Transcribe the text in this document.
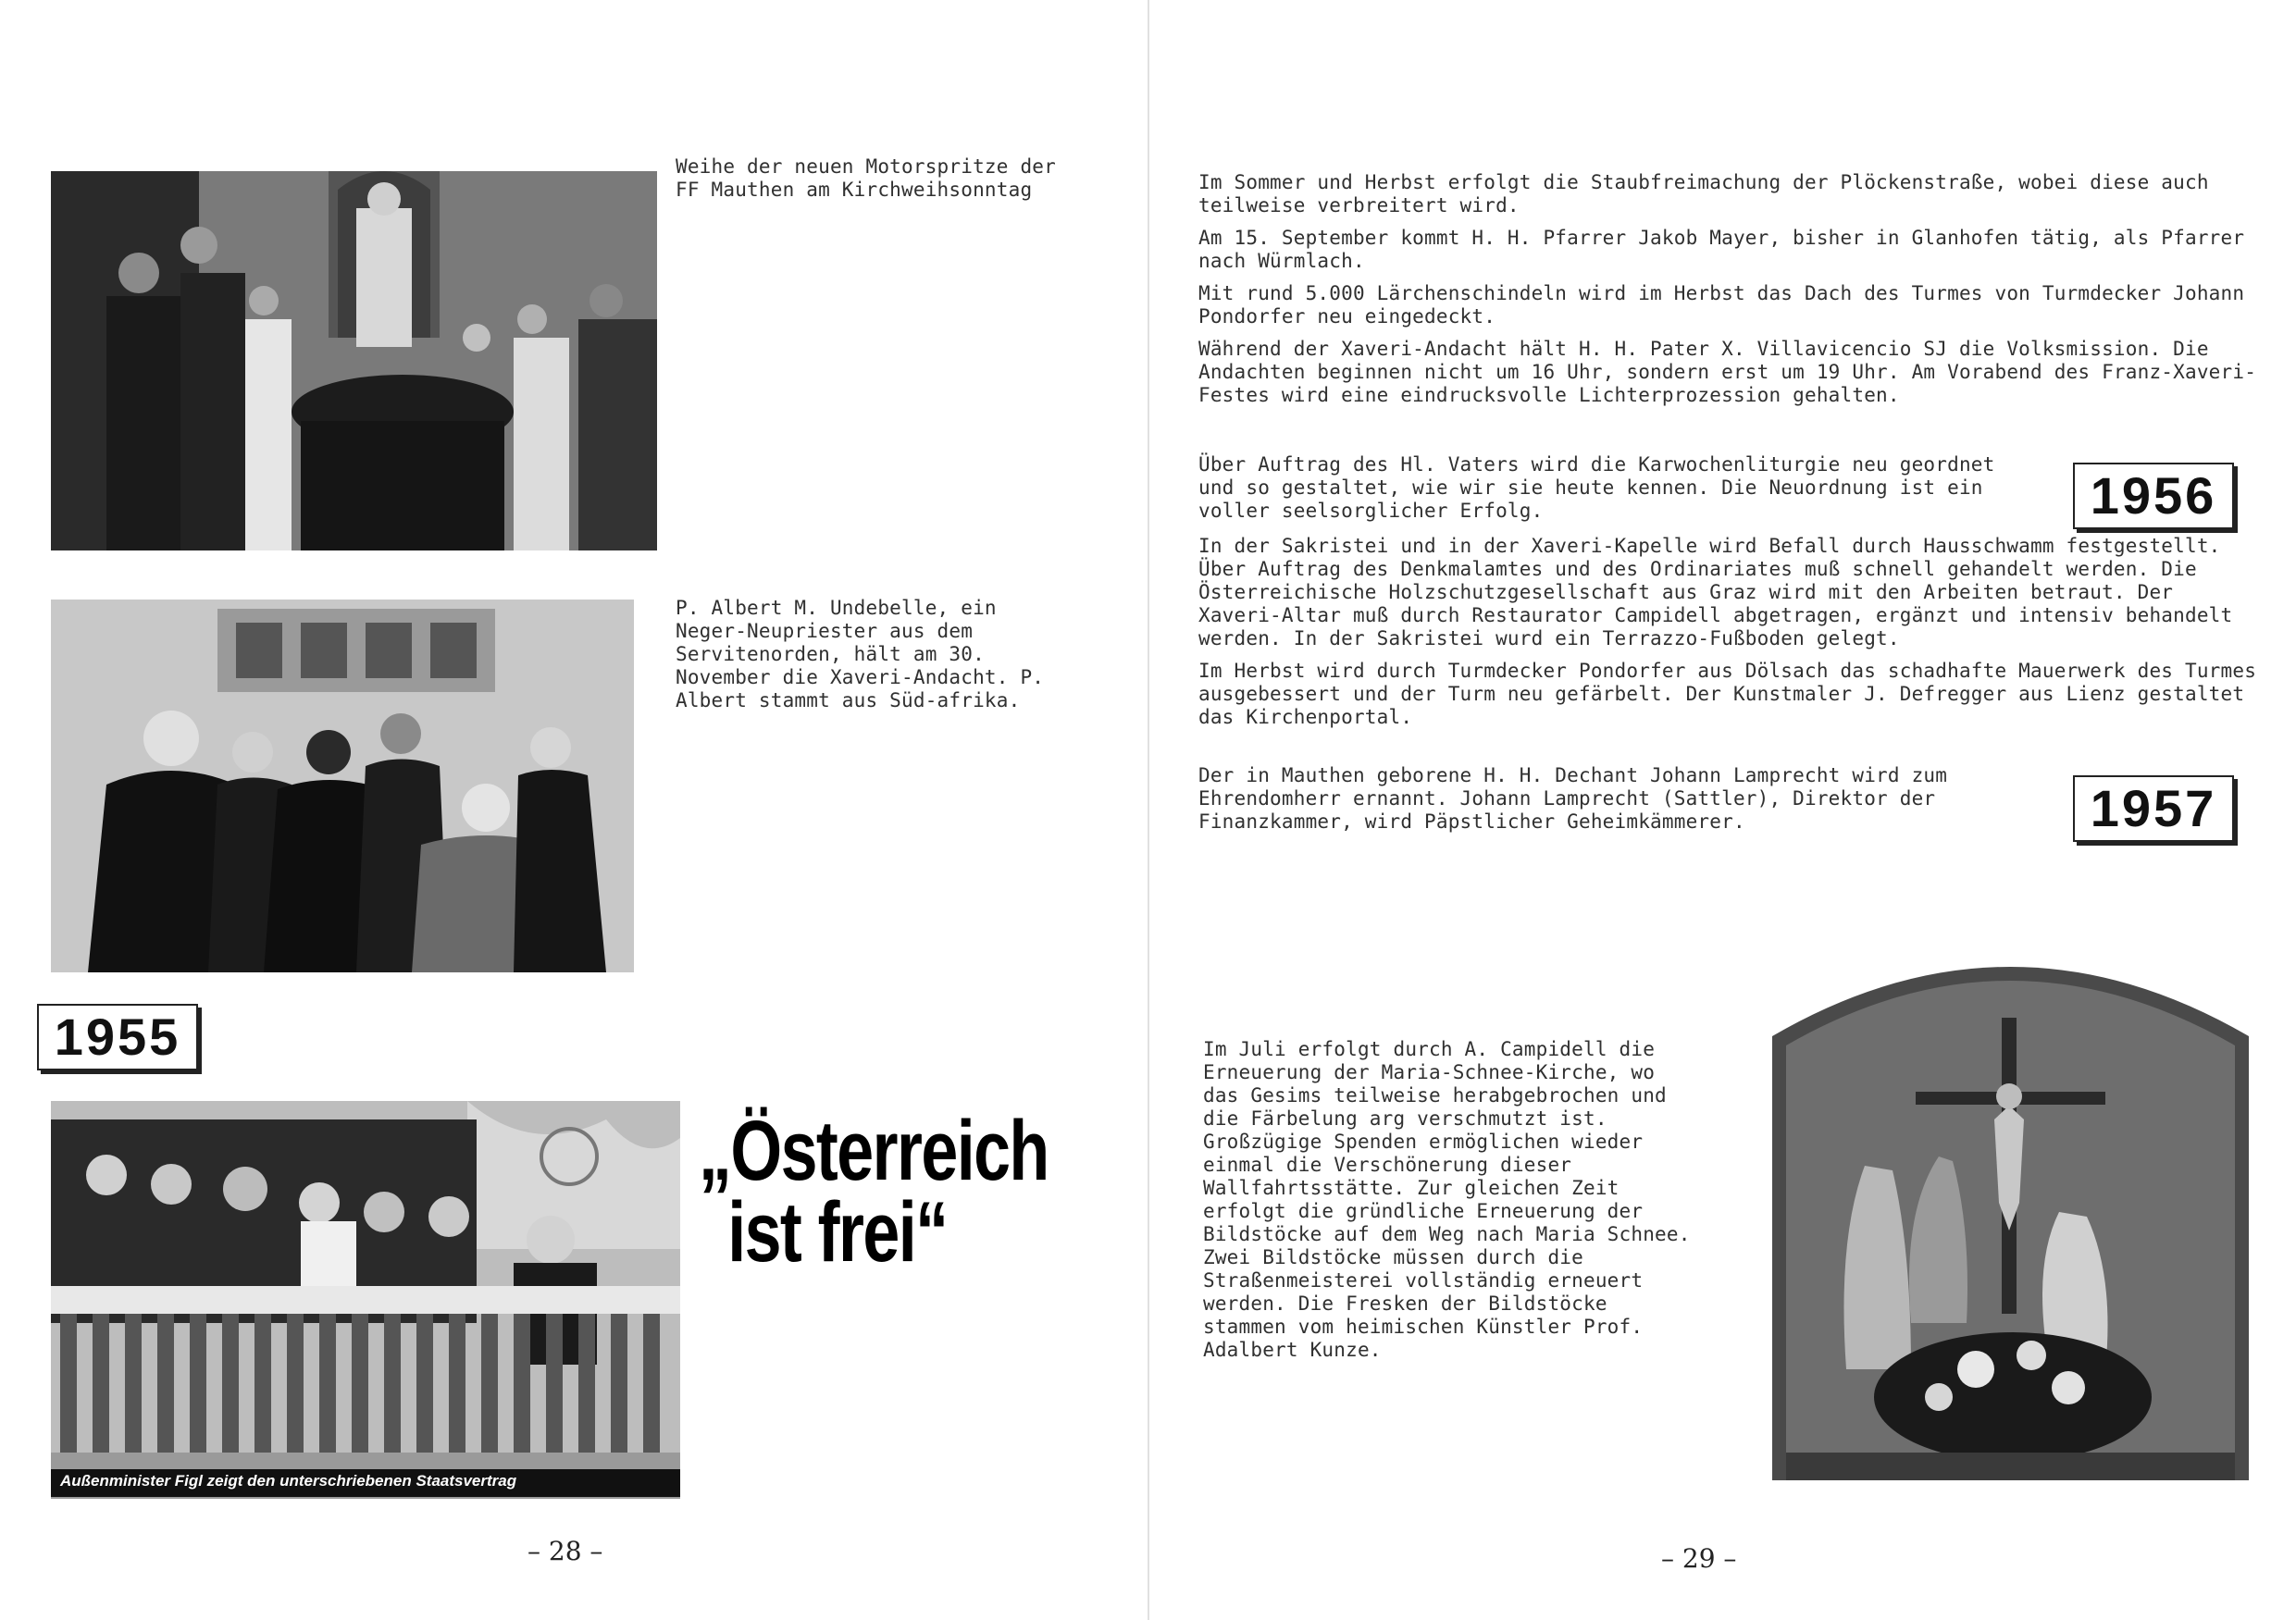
Weihe der neuen Motorspritze der FF Mauthen am Kirchweihsonntag
P. Albert M. Undebelle, ein Neger-Neupriester aus dem Servitenorden, hält am 30. November die Xaveri-Andacht. P. Albert stammt aus Süd-afrika.
1955
Außenminister Figl zeigt den unterschriebenen Staatsvertrag
„Österreich
ist frei“
– 28 –

Im Sommer und Herbst erfolgt die Staubfreimachung der Plöckenstraße, wobei diese auch teilweise verbreitert wird.

Am 15. September kommt H. H. Pfarrer Jakob Mayer, bisher in Glanhofen tätig, als Pfarrer nach Würmlach.

Mit rund 5.000 Lärchenschindeln wird im Herbst das Dach des Turmes von Turmdecker Johann Pondorfer neu eingedeckt.

Während der Xaveri-Andacht hält H. H. Pater X. Villavicencio SJ die Volksmission. Die Andachten beginnen nicht um 16 Uhr, sondern erst um 19 Uhr. Am Vorabend des Franz-Xaveri-Festes wird eine eindrucksvolle Lichterprozession gehalten.

Über Auftrag des Hl. Vaters wird die Karwochenliturgie neu geordnet und so gestaltet, wie wir sie heute kennen. Die Neuordnung ist ein voller seelsorglicher Erfolg.	1956

In der Sakristei und in der Xaveri-Kapelle wird Befall durch Hausschwamm festgestellt. Über Auftrag des Denkmalamtes und des Ordinariates muß schnell gehandelt werden. Die Österreichische Holzschutzgesellschaft aus Graz wird mit den Arbeiten betraut. Der Xaveri-Altar muß durch Restaurator Campidell abgetragen, ergänzt und intensiv behandelt werden. In der Sakristei wurd ein Terrazzo-Fußboden gelegt.

Im Herbst wird durch Turmdecker Pondorfer aus Dölsach das schadhafte Mauerwerk des Turmes ausgebessert und der Turm neu gefärbelt. Der Kunstmaler J. Defregger aus Lienz gestaltet das Kirchenportal.

Der in Mauthen geborene H. H. Dechant Johann Lamprecht wird zum Ehrendomherr ernannt. Johann Lamprecht (Sattler), Direktor der Finanzkammer, wird Päpstlicher Geheimkämmerer.	1957
Im Juli erfolgt durch A. Campidell die Erneuerung der Maria-Schnee-Kirche, wo das Gesims teilweise herabgebrochen und die Färbelung arg verschmutzt ist. Großzügige Spenden ermöglichen wieder einmal die Verschönerung dieser Wallfahrtsstätte. Zur gleichen Zeit erfolgt die gründliche Erneuerung der Bildstöcke auf dem Weg nach Maria Schnee. Zwei Bildstöcke müssen durch die Straßenmeisterei vollständig erneuert werden. Die Fresken der Bildstöcke stammen vom heimischen Künstler Prof. Adalbert Kunze.
– 29 –
